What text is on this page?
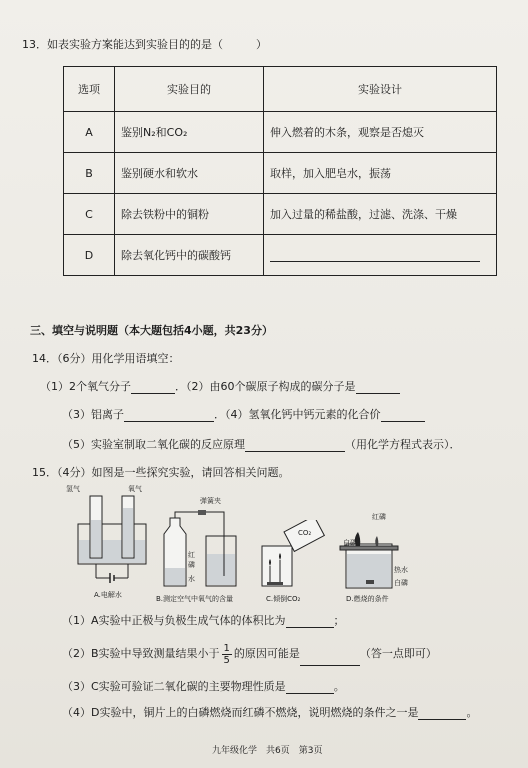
13．如表实验方案能达到实验目的的是（　　　）
选项	实验目的	实验设计
A	鉴别N₂和CO₂	伸入燃着的木条，观察是否熄灭
B	鉴别硬水和软水	取样，加入肥皂水，振荡
C	除去铁粉中的铜粉	加入过量的稀盐酸，过滤、洗涤、干燥
D	除去氧化钙中的碳酸钙	
三、填空与说明题（本大题包括4小题，共23分）
14．（6分）用化学用语填空：
（1）2个氧气分子	．（2）由60个碳原子构成的碳分子是
（3）铝离子	．（4）氢氧化钙中钙元素的化合价
（5）实验室制取二氧化碳的反应原理	（用化学方程式表示）．
15．（4分）如图是一些探究实验，请回答相关问题。
氢气	氧气
A.电解水
弹簧夹
红磷
水
B.测定空气中氧气的含量
CO₂
C.倾倒CO₂
红磷
白磷
热水
白磷
D.燃烧的条件
（1）A实验中正极与负极生成气体的体积比为	；
（2）B实验中导致测量结果小于 $\frac{1}{5}$ 的原因可能是	（答一点即可）
（3）C实验可验证二氧化碳的主要物理性质是	。
（4）D实验中，铜片上的白磷燃烧而红磷不燃烧，说明燃烧的条件之一是	。
九年级化学　共6页　第3页
